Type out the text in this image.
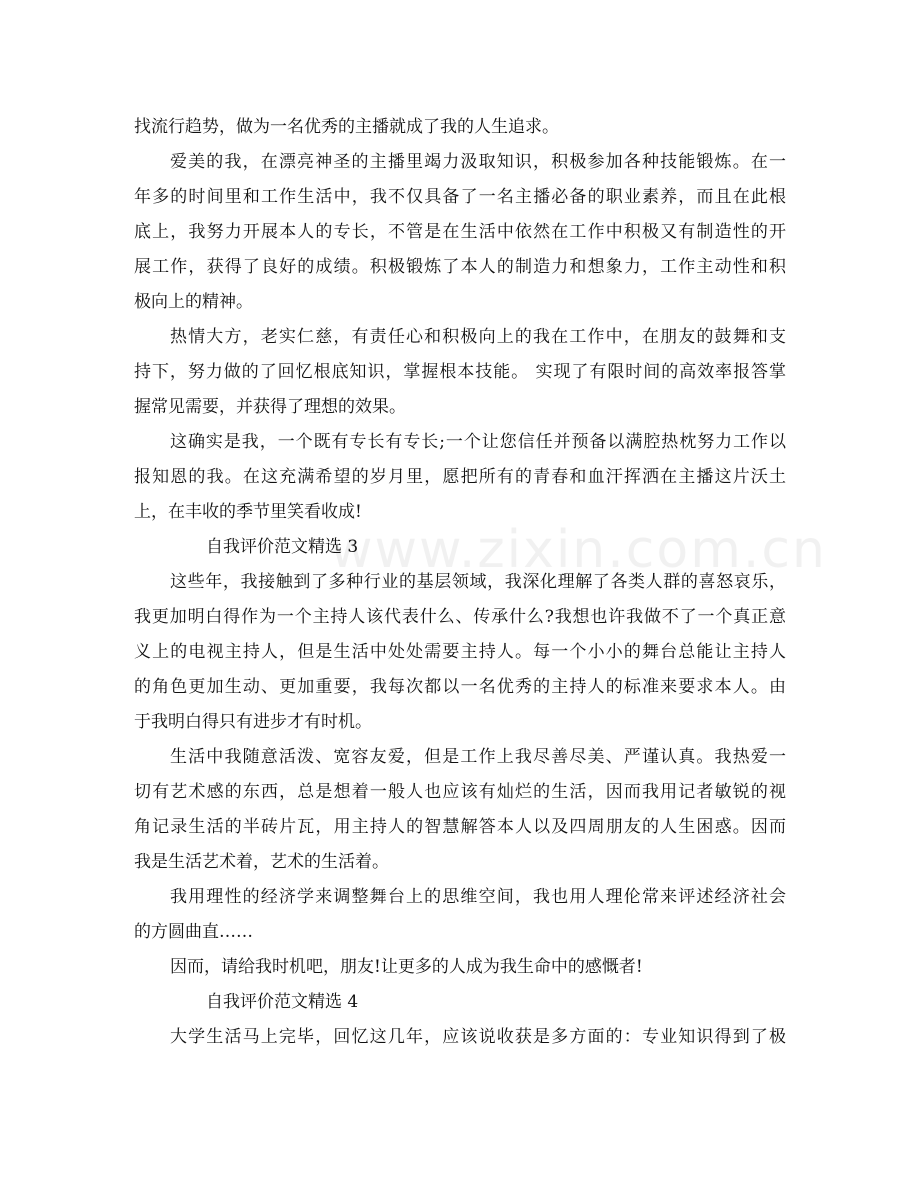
www.zixin.com.cn
找流行趋势，做为一名优秀的主播就成了我的人生追求。
爱美的我，在漂亮神圣的主播里竭力汲取知识，积极参加各种技能锻炼。在一
年多的时间里和工作生活中，我不仅具备了一名主播必备的职业素养，而且在此根
底上，我努力开展本人的专长，不管是在生活中依然在工作中积极又有制造性的开
展工作，获得了良好的成绩。积极锻炼了本人的制造力和想象力，工作主动性和积
极向上的精神。
热情大方，老实仁慈，有责任心和积极向上的我在工作中，在朋友的鼓舞和支
持下，努力做的了回忆根底知识，掌握根本技能。 实现了有限时间的高效率报答掌
握常见需要，并获得了理想的效果。
这确实是我，一个既有专长有专长;一个让您信任并预备以满腔热枕努力工作以
报知恩的我。在这充满希望的岁月里，愿把所有的青春和血汗挥洒在主播这片沃土
上，在丰收的季节里笑看收成!
自我评价范文精选 3
这些年，我接触到了多种行业的基层领域，我深化理解了各类人群的喜怒哀乐，
我更加明白得作为一个主持人该代表什么、传承什么?我想也许我做不了一个真正意
义上的电视主持人，但是生活中处处需要主持人。每一个小小的舞台总能让主持人
的角色更加生动、更加重要，我每次都以一名优秀的主持人的标准来要求本人。由
于我明白得只有进步才有时机。
生活中我随意活泼、宽容友爱，但是工作上我尽善尽美、严谨认真。我热爱一
切有艺术感的东西，总是想着一般人也应该有灿烂的生活，因而我用记者敏锐的视
角记录生活的半砖片瓦，用主持人的智慧解答本人以及四周朋友的人生困惑。因而
我是生活艺术着，艺术的生活着。
我用理性的经济学来调整舞台上的思维空间，我也用人理伦常来评述经济社会
的方圆曲直……
因而，请给我时机吧，朋友!让更多的人成为我生命中的感慨者!
自我评价范文精选 4
大学生活马上完毕，回忆这几年，应该说收获是多方面的：专业知识得到了极
